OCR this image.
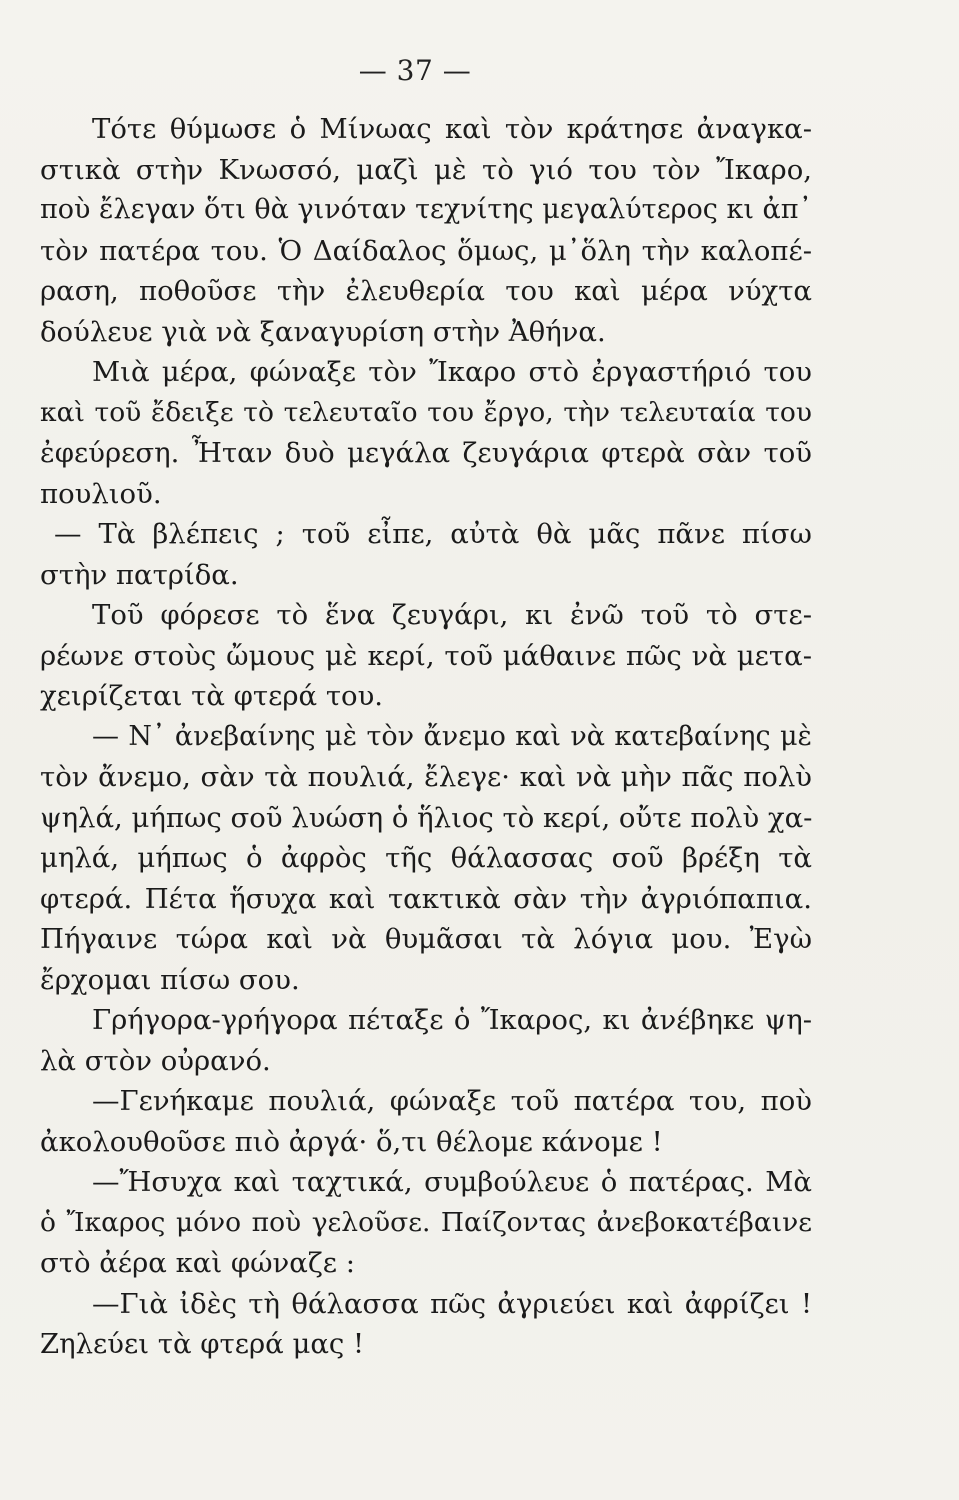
— 37 —
Τότε θύμωσε ὁ Μίνωας καὶ τὸν κράτησε ἀναγκα-
στικὰ στὴν Κνωσσό, μαζὶ μὲ τὸ γιό του τὸν Ἴκαρο,
ποὺ ἔλεγαν ὅτι θὰ γινόταν τεχνίτης μεγαλύτερος κι ἀπ᾽
τὸν πατέρα του. Ὁ Δαίδαλος ὅμως, μ᾽ὅλη τὴν καλοπέ-
ραση, ποθοῦσε τὴν ἐλευθερία του καὶ μέρα νύχτα
δούλευε γιὰ νὰ ξαναγυρίση στὴν Ἀθήνα.
Μιὰ μέρα, φώναξε τὸν Ἴκαρο στὸ ἐργαστήριό του
καὶ τοῦ ἔδειξε τὸ τελευταῖο του ἔργο, τὴν τελευταία του
ἐφεύρεση. Ἦταν δυὸ μεγάλα ζευγάρια φτερὰ σὰν τοῦ
πουλιοῦ.
— Τὰ βλέπεις ; τοῦ εἶπε, αὐτὰ θὰ μᾶς πᾶνε πίσω
στὴν πατρίδα.
Τοῦ φόρεσε τὸ ἕνα ζευγάρι, κι ἐνῶ τοῦ τὸ στε-
ρέωνε στοὺς ὤμους μὲ κερί, τοῦ μάθαινε πῶς νὰ μετα-
χειρίζεται τὰ φτερά του.
— Ν᾽ ἀνεβαίνης μὲ τὸν ἄνεμο καὶ νὰ κατεβαίνης μὲ
τὸν ἄνεμο, σὰν τὰ πουλιά, ἔλεγε· καὶ νὰ μὴν πᾶς πολὺ
ψηλά, μήπως σοῦ λυώση ὁ ἥλιος τὸ κερί, οὔτε πολὺ χα-
μηλά, μήπως ὁ ἀφρὸς τῆς θάλασσας σοῦ βρέξη τὰ
φτερά. Πέτα ἥσυχα καὶ τακτικὰ σὰν τὴν ἀγριόπαπια.
Πήγαινε τώρα καὶ νὰ θυμᾶσαι τὰ λόγια μου. Ἐγὼ
ἔρχομαι πίσω σου.
Γρήγορα-γρήγορα πέταξε ὁ Ἴκαρος, κι ἀνέβηκε ψη-
λὰ στὸν οὐρανό.
—Γενήκαμε πουλιά, φώναξε τοῦ πατέρα του, ποὺ
ἀκολουθοῦσε πιὸ ἀργά· ὅ,τι θέλομε κάνομε !
—Ἤσυχα καὶ ταχτικά, συμβούλευε ὁ πατέρας. Μὰ
ὁ Ἴκαρος μόνο ποὺ γελοῦσε. Παίζοντας ἀνεβοκατέβαινε
στὸ ἀέρα καὶ φώναζε :
—Γιὰ ἰδὲς τὴ θάλασσα πῶς ἀγριεύει καὶ ἀφρίζει !
Ζηλεύει τὰ φτερά μας !
